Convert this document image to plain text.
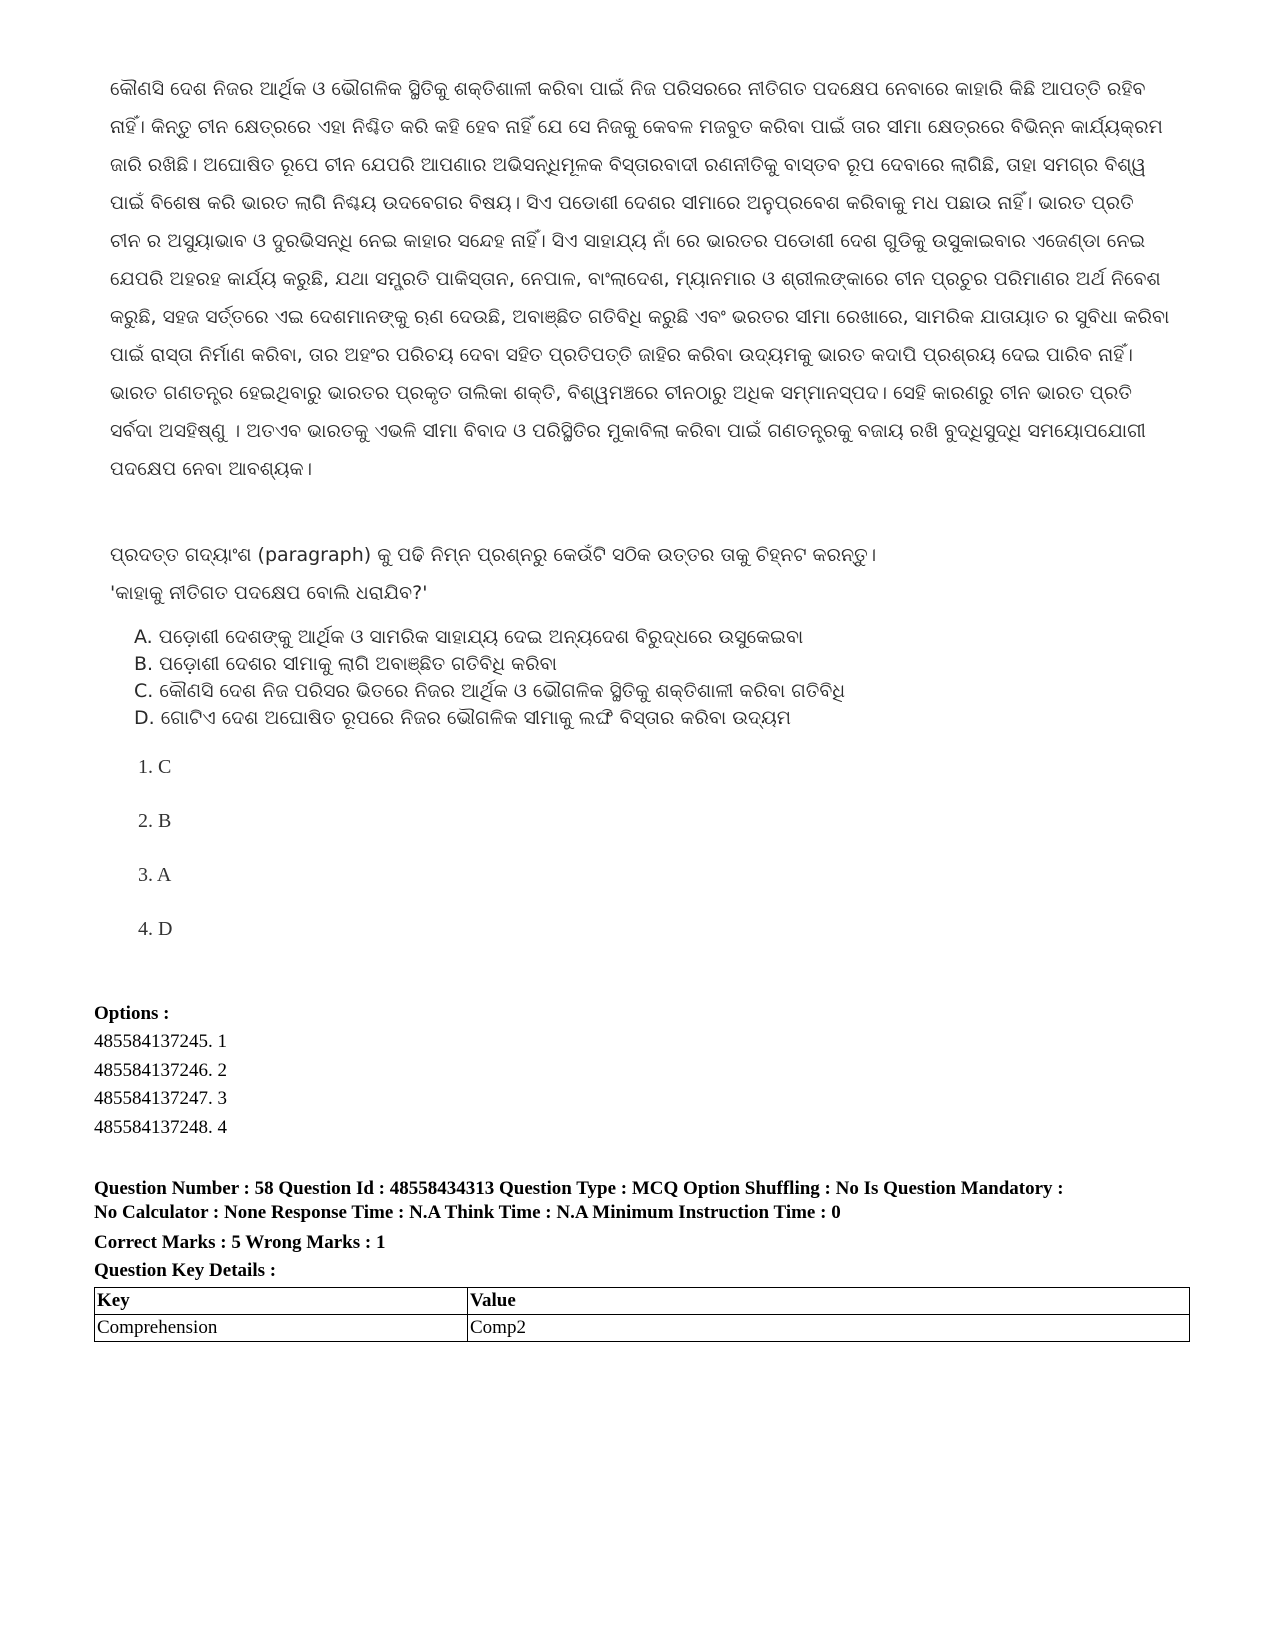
କୌଣସି ଦେଶ ନିଜର ଆର୍ଥିକ ଓ ଭୌଗଳିକ ସ୍ଥିତିକୁ ଶକ୍ତିଶାଳୀ କରିବା ପାଇଁ ନିଜ ପରିସରରେ ନୀତିଗତ ପଦକ୍ଷେପ ନେବାରେ କାହାରି କିଛି ଆପତ୍ତି ରହିବ ନାହିଁ। କିନ୍ତୁ ଚୀନ କ୍ଷେତ୍ରରେ ଏହା ନିଶ୍ଚିତ କରି କହି ହେବ ନାହିଁ ଯେ ସେ ନିଜକୁ କେବଳ ମଜବୁତ କରିବା ପାଇଁ ତାର ସୀମା କ୍ଷେତ୍ରରେ ବିଭିନ୍ନ କାର୍ଯ୍ୟକ୍ରମ ଜାରି ରଖିଛି। ଅଘୋଷିତ ରୂପେ ଚୀନ ଯେପରି ଆପଣାର ଅଭିସନ୍ଧିମୂଳକ ବିସ୍ତାରବାଦୀ ରଣନୀତିକୁ ବାସ୍ତବ ରୂପ ଦେବାରେ ଲାଗିଛି, ତାହା ସମଗ୍ର ବିଶ୍ୱ ପାଇଁ ବିଶେଷ କରି ଭାରତ ଲାଗି ନିଶ୍ଚୟ ଉଦବେଗର ବିଷୟ। ସିଏ ପଡୋଶୀ ଦେଶର ସୀମାରେ ଅନୁପ୍ରବେଶ କରିବାକୁ ମଧ ପଛାଉ ନାହିଁ। ଭାରତ ପ୍ରତି ଚୀନ ର ଅସୁୟାଭାବ ଓ ଦୁରଭିସନ୍ଧି ନେଇ କାହାର ସନ୍ଦେହ ନାହିଁ। ସିଏ ସାହାଯ୍ୟ ନାଁ ରେ ଭାରତର ପଡୋଶୀ ଦେଶ ଗୁଡିକୁ ଉସୁକାଇବାର ଏଜେଣ୍ଡା ନେଇ ଯେପରି ଅହରହ କାର୍ଯ୍ୟ କରୁଛି, ଯଥା ସମ୍ପ୍ରତି ପାକିସ୍ତାନ, ନେପାଳ, ବାଂଲାଦେଶ, ମ୍ୟାନମାର ଓ ଶ୍ରୀଲଙ୍କାରେ ଚୀନ ପ୍ରଚୁର ପରିମାଣର ଅର୍ଥ ନିବେଶ କରୁଛି, ସହଜ ସର୍ତ୍ତରେ ଏଇ ଦେଶମାନଙ୍କୁ ଋଣ ଦେଉଛି, ଅବାଞ୍ଛିତ ଗତିବିଧି କରୁଛି ଏବଂ ଭରତର ସୀମା ରେଖାରେ, ସାମରିକ ଯାତାୟାତ ର ସୁବିଧା କରିବା ପାଇଁ ରାସ୍ତା ନିର୍ମାଣ କରିବା, ତାର ଅହଂର ପରିଚୟ ଦେବା ସହିତ ପ୍ରତିପତ୍ତି ଜାହିର କରିବା ଉଦ୍ୟମକୁ ଭାରତ କଦାପି ପ୍ରଶ୍ରୟ ଦେଇ ପାରିବ ନାହିଁ। ଭାରତ ଗଣତନ୍ତ୍ର ହେଇଥିବାରୁ ଭାରତର ପ୍ରକୃତ ତାଲିକା ଶକ୍ତି, ବିଶ୍ୱମଞ୍ଚରେ ଚୀନଠାରୁ ଅଧିକ ସମ୍ମାନସ୍ପଦ। ସେହି କାରଣରୁ ଚୀନ ଭାରତ ପ୍ରତି ସର୍ବଦା ଅସହିଷ୍ଣୁ । ଅତଏବ ଭାରତକୁ ଏଭଳି ସୀମା ବିବାଦ ଓ ପରିସ୍ଥିତିର ମୁକାବିଲା କରିବା ପାଇଁ ଗଣତନ୍ତ୍ରକୁ ବଜାୟ ରଖି ବୁଦ୍ଧିସୁଦ୍ଧି ସମୟୋପଯୋଗୀ ପଦକ୍ଷେପ ନେବା ଆବଶ୍ୟକ।

ପ୍ରଦତ୍ତ ଗଦ୍ୟାଂଶ (paragraph) କୁ ପଢି ନିମ୍ନ ପ୍ରଶ୍ନରୁ କେଉଁଟି ସଠିକ ଉତ୍ତର ତାକୁ ଚିହ୍ନଟ କରନ୍ତୁ।
'କାହାକୁ ନୀତିଗତ ପଦକ୍ଷେପ ବୋଲି ଧରାଯିବ?'
A. ପଡ଼ୋଶୀ ଦେଶଙ୍କୁ ଆର୍ଥିକ ଓ ସାମରିକ ସାହାଯ୍ୟ ଦେଇ ଅନ୍ୟଦେଶ ବିରୁଦ୍ଧରେ ଉସୁକେଇବା
B. ପଡ଼ୋଶୀ ଦେଶର ସୀମାକୁ ଲାଗି ଅବାଞ୍ଛିତ ଗତିବିଧି କରିବା
C. କୌଣସି ଦେଶ ନିଜ ପରିସର ଭିତରେ ନିଜର ଆର୍ଥିକ ଓ ଭୌଗଳିକ ସ୍ଥିତିକୁ ଶକ୍ତିଶାଳୀ କରିବା ଗତିବିଧି
D. ଗୋଟିଏ ଦେଶ ଅଘୋଷିତ ରୂପରେ ନିଜର ଭୌଗଳିକ ସୀମାକୁ ଲଙ୍ଘି ବିସ୍ତାର କରିବା ଉଦ୍ୟମ
1. C
2. B
3. A
4. D
Options :
485584137245. 1
485584137246. 2
485584137247. 3
485584137248. 4
Question Number : 58 Question Id : 48558434313 Question Type : MCQ Option Shuffling : No Is Question Mandatory :
No Calculator : None Response Time : N.A Think Time : N.A Minimum Instruction Time : 0
Correct Marks : 5 Wrong Marks : 1
Question Key Details :
Key	Value
Comprehension	Comp2
